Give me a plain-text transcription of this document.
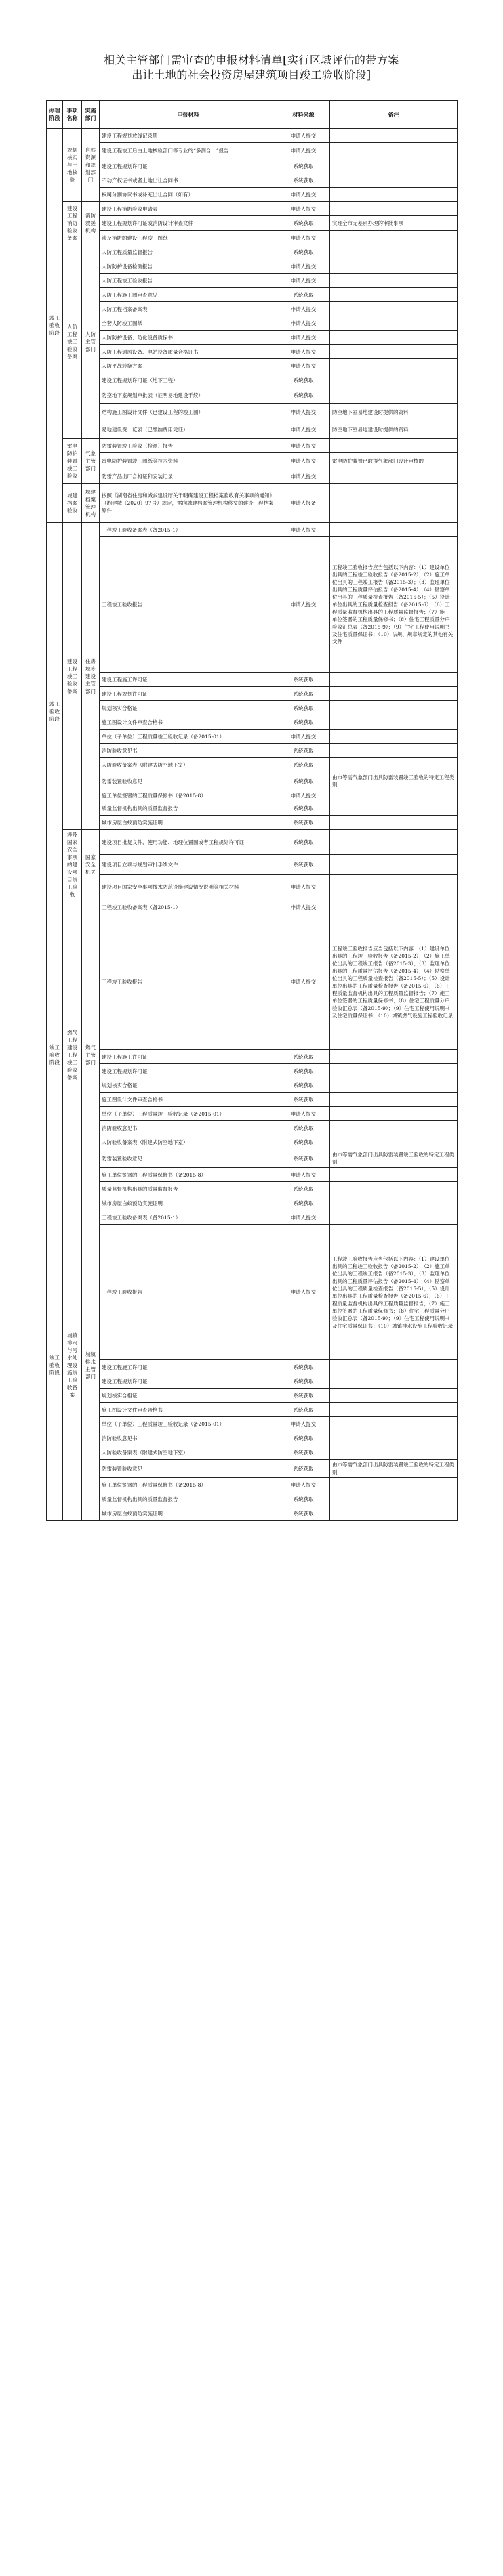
相关主管部门需审查的申报材料清单[实行区域评估的带方案
出让土地的社会投资房屋建筑项目竣工验收阶段]
办理阶段	事项名称	实施部门	申报材料	材料来源	备注
竣工验收阶段	规划核实与土地核验	自然资源和规划部门	建设工程规划放线记录册	申请人提交	
			建设工程竣工后由土地核验部门等专业的“多测合一”报告	申请人提交	
			建设工程规划许可证	系统获取	
			不动产权证书或者土地出让合同书	系统获取	
			权属分割协议书或补充出让合同（如有）	申请人提交	
	建设工程消防验收备案	消防救援机构	建设工程消防验收申请表	申请人提交	
			建设工程规划许可证或消防设计审查文件	系统获取	实现全市无差别办理的审批事项
			涉及消防的建设工程竣工图纸	申请人提交	
	人防工程竣工验收备案	人防主管部门	人防工程质量监督报告	系统获取	
			人防防护设备检测报告	申请人提交	
			人防工程竣工验收报告	申请人提交	
			人防工程施工图审查意见	系统获取	
			人防工程档案备案表	申请人提交	
			全套人防竣工图纸	申请人提交	
			人防防护设备、防化设备质保书	申请人提交	
			人防工程通风设备、电站设备质量合格证书	申请人提交	
			人防平战转换方案	申请人提交	
			建设工程规划许可证（地下工程）	系统获取	
			防空地下室规划审批表（证明易地建设手续）	系统获取	
			结构施工图设计文件（已建设工程的竣工图）	申请人提交	防空地下室易地建设时提供的资料
			易地建设费一览表（已缴纳费用凭证）	申请人提交	防空地下室易地建设时提供的资料
	雷电防护装置竣工验收	气象主管部门	防雷装置竣工验收（检测）报告	申请人提交	
			雷电防护装置竣工图纸等技术资料	申请人提交	雷电防护装置已取得气象部门设计审核的
			防雷产品出厂合格证和安装记录	申请人提交	
	城建档案验收	城建档案管理机构	按照《湖南省住房和城乡建设厅关于明确建设工程档案验收有关事项的通知》（湘建城〔2020〕97号）规定，需向城建档案管理机构移交的建设工程档案原件	申请人报备	
竣工验收阶段	建设工程竣工验收备案	住房城乡建设主管部门	工程竣工验收备案表（备2015-1）	申请人提交	
			工程竣工验收报告	申请人提交	工程竣工验收报告应当包括以下内容：（1）建设单位出具的工程竣工验收报告（备2015-2）；（2）施工单位出具的工程竣工报告（备2015-3）；（3）监理单位出具的工程质量评估报告（备2015-4）；（4）勘察单位出具的工程质量检查报告（备2015-5）；（5）设计单位出具的工程质量检查报告（备2015-6）；（6）工程质量监督机构出具的工程质量监督报告；（7）施工单位签署的工程质量保修书；（8）住宅工程质量分户验收汇总表（备2015-9）；（9）住宅工程使用说明书及住宅质量保证书；（10）法规、规章规定的其他有关文件
			建设工程施工许可证	系统获取	
			建设工程规划许可证	系统获取	
			规划核实合格证	系统获取	
			施工图设计文件审查合格书	系统获取	
			单位（子单位）工程质量竣工验收记录（备2015-01）	申请人提交	
			消防验收意见书	系统获取	
			人防验收备案表（附建式防空地下室）	系统获取	
			防雷装置验收意见	系统获取	由市等需气象部门出具防雷装置竣工验收的特定工程类别
			施工单位签署的工程质量保修书（备2015-8）	申请人提交	
			质量监督机构出具的质量监督报告	系统获取	
			城市房屋白蚁预防实施证明	系统获取	
	涉及国家安全事项的建设项目竣工验收	国家安全机关	建设项目批复文件、使用功能、地理位置图或者工程规划许可证	系统获取	
			建设项目立项与规划审批手续文件	系统获取	
			建设项目国家安全事项技术防范设施建设情况说明等相关材料	申请人提交	
竣工验收阶段	燃气工程建设工程竣工验收备案	燃气主管部门	工程竣工验收备案表（备2015-1）	申请人提交	
			工程竣工验收报告	申请人提交	工程竣工验收报告应当包括以下内容：（1）建设单位出具的工程竣工验收报告（备2015-2）；（2）施工单位出具的工程竣工报告（备2015-3）；（3）监理单位出具的工程质量评估报告（备2015-4）；（4）勘察单位出具的工程质量检查报告（备2015-5）；（5）设计单位出具的工程质量检查报告（备2015-6）；（6）工程质量监督机构出具的工程质量监督报告；（7）施工单位签署的工程质量保修书；（8）住宅工程质量分户验收汇总表（备2015-9）；（9）住宅工程使用说明书及住宅质量保证书；（10）城镇燃气设施工程验收记录
			建设工程施工许可证	系统获取	
			建设工程规划许可证	系统获取	
			规划核实合格证	系统获取	
			施工图设计文件审查合格书	系统获取	
			单位（子单位）工程质量竣工验收记录（备2015-01）	申请人提交	
			消防验收意见书	系统获取	
			人防验收备案表（附建式防空地下室）	系统获取	
			防雷装置验收意见	系统获取	由市等需气象部门出具防雷装置竣工验收的特定工程类别
			施工单位签署的工程质量保修书（备2015-8）	申请人提交	
			质量监督机构出具的质量监督报告	系统获取	
			城市房屋白蚁预防实施证明	系统获取	
竣工验收阶段	城镇排水与污水处理设施竣工验收备案	城镇排水主管部门	工程竣工验收备案表（备2015-1）	申请人提交	
			工程竣工验收报告	申请人提交	工程竣工验收报告应当包括以下内容：（1）建设单位出具的工程竣工验收报告（备2015-2）；（2）施工单位出具的工程竣工报告（备2015-3）；（3）监理单位出具的工程质量评估报告（备2015-4）；（4）勘察单位出具的工程质量检查报告（备2015-5）；（5）设计单位出具的工程质量检查报告（备2015-6）；（6）工程质量监督机构出具的工程质量监督报告；（7）施工单位签署的工程质量保修书；（8）住宅工程质量分户验收汇总表（备2015-9）；（9）住宅工程使用说明书及住宅质量保证书；（10）城镇排水设施工程验收记录
			建设工程施工许可证	系统获取	
			建设工程规划许可证	系统获取	
			规划核实合格证	系统获取	
			施工图设计文件审查合格书	系统获取	
			单位（子单位）工程质量竣工验收记录（备2015-01）	申请人提交	
			消防验收意见书	系统获取	
			人防验收备案表（附建式防空地下室）	系统获取	
			防雷装置验收意见	系统获取	由市等需气象部门出具防雷装置竣工验收的特定工程类别
			施工单位签署的工程质量保修书（备2015-8）	申请人提交	
			质量监督机构出具的质量监督报告	系统获取	
			城市房屋白蚁预防实施证明	系统获取	
